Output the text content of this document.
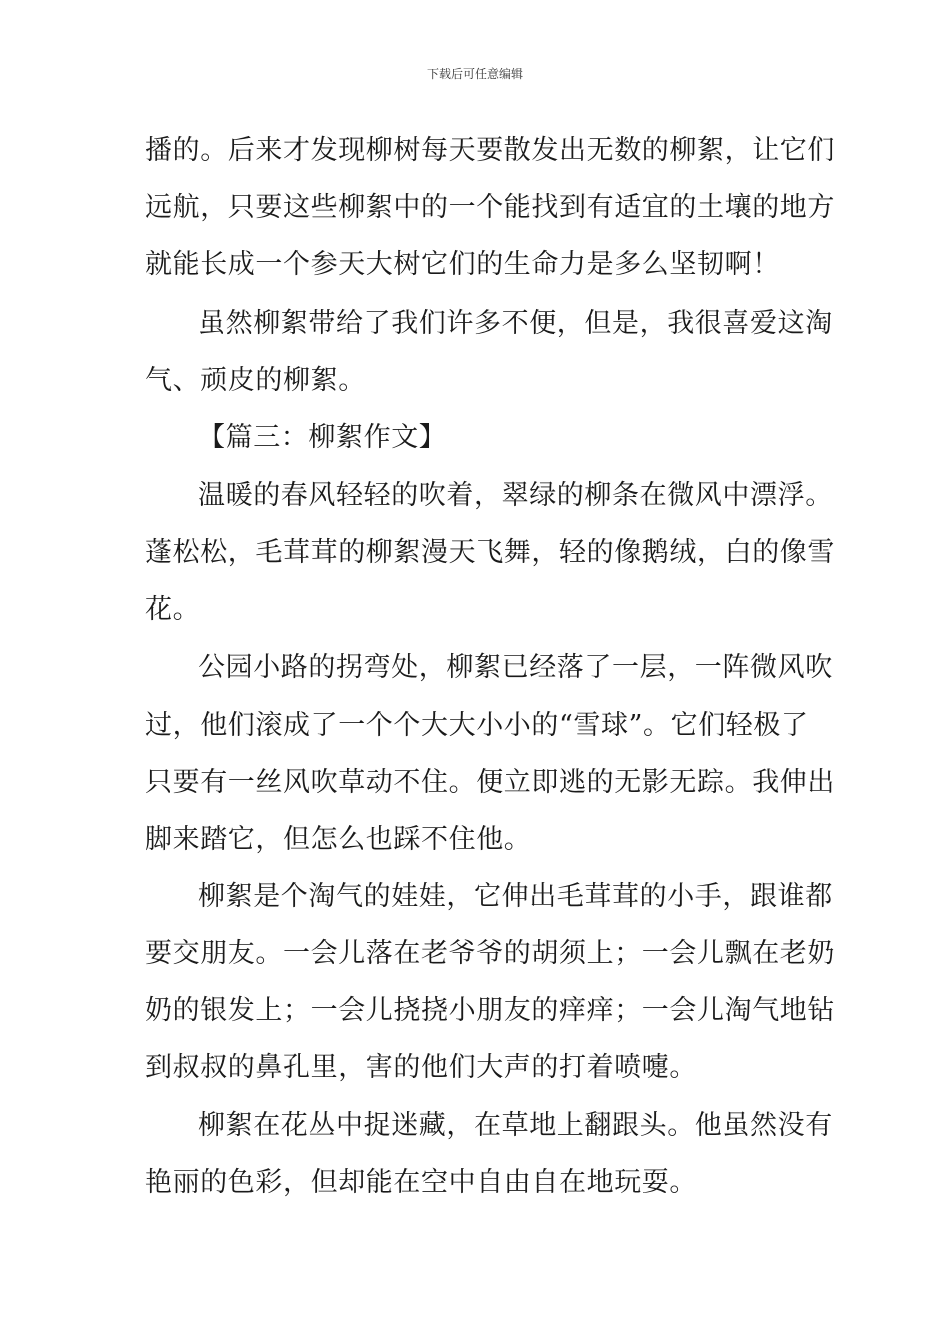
下载后可任意编辑
播的。后来才发现柳树每天要散发出无数的柳絮，让它们
远航，只要这些柳絮中的一个能找到有适宜的土壤的地方
就能长成一个参天大树它们的生命力是多么坚韧啊！
虽然柳絮带给了我们许多不便，但是，我很喜爱这淘
气、顽皮的柳絮。
【篇三：柳絮作文】
温暖的春风轻轻的吹着，翠绿的柳条在微风中漂浮。
蓬松松，毛茸茸的柳絮漫天飞舞，轻的像鹅绒，白的像雪
花。
公园小路的拐弯处，柳絮已经落了一层，一阵微风吹
过，他们滚成了一个个大大小小的“雪球”。它们轻极了
只要有一丝风吹草动不住。便立即逃的无影无踪。我伸出
脚来踏它，但怎么也踩不住他。
柳絮是个淘气的娃娃，它伸出毛茸茸的小手，跟谁都
要交朋友。一会儿落在老爷爷的胡须上；一会儿飘在老奶
奶的银发上；一会儿挠挠小朋友的痒痒；一会儿淘气地钻
到叔叔的鼻孔里，害的他们大声的打着喷嚏。
柳絮在花丛中捉迷藏，在草地上翻跟头。他虽然没有
艳丽的色彩，但却能在空中自由自在地玩耍。
